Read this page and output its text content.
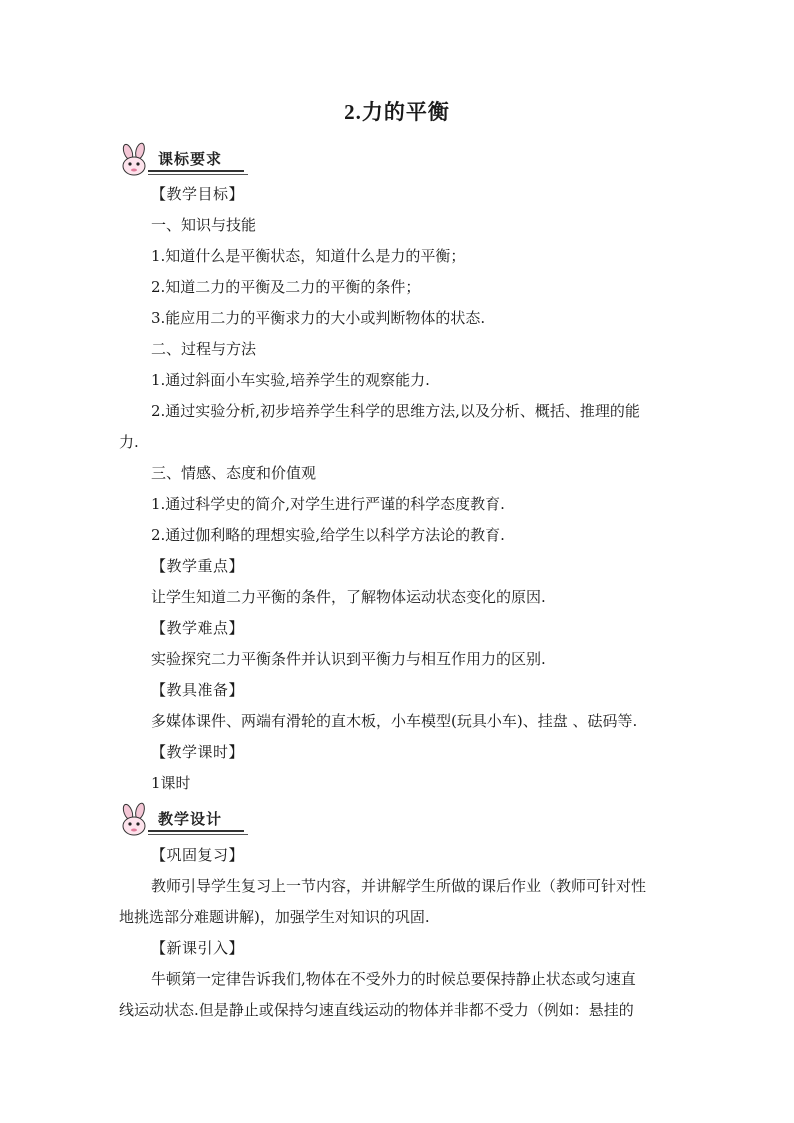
2.力的平衡
课标要求
【教学目标】
一、知识与技能
1.知道什么是平衡状态，知道什么是力的平衡；
2.知道二力的平衡及二力的平衡的条件；
3.能应用二力的平衡求力的大小或判断物体的状态.
二、过程与方法
1.通过斜面小车实验,培养学生的观察能力.
2.通过实验分析,初步培养学生科学的思维方法,以及分析、概括、推理的能
力.
三、情感、态度和价值观
1.通过科学史的简介,对学生进行严谨的科学态度教育.
2.通过伽利略的理想实验,给学生以科学方法论的教育.
【教学重点】
让学生知道二力平衡的条件，了解物体运动状态变化的原因.
【教学难点】
实验探究二力平衡条件并认识到平衡力与相互作用力的区别.
【教具准备】
多媒体课件、两端有滑轮的直木板，小车模型(玩具小车)、挂盘 、砝码等.
【教学课时】
1课时
教学设计
【巩固复习】
教师引导学生复习上一节内容，并讲解学生所做的课后作业（教师可针对性
地挑选部分难题讲解)，加强学生对知识的巩固.
【新课引入】
牛顿第一定律告诉我们,物体在不受外力的时候总要保持静止状态或匀速直
线运动状态.但是静止或保持匀速直线运动的物体并非都不受力（例如：悬挂的
